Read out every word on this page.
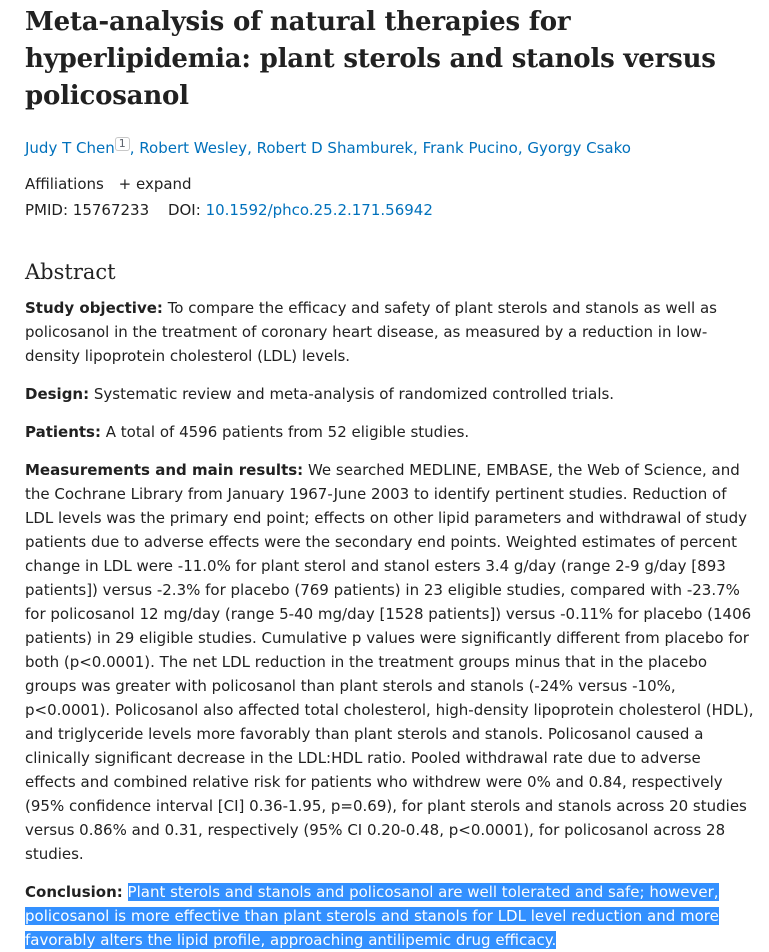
Meta-analysis of natural therapies for hyperlipidemia: plant sterols and stanols versus policosanol
Judy T Chen $^1$ , Robert Wesley, Robert D Shamburek, Frank Pucino, Gyorgy Csako
Affiliations + expand
PMID: 15767233 DOI: 10.1592/phco.25.2.171.56942
Abstract

Study objective: To compare the efficacy and safety of plant sterols and stanols as well as policosanol in the treatment of coronary heart disease, as measured by a reduction in low-density lipoprotein cholesterol (LDL) levels.

Design: Systematic review and meta-analysis of randomized controlled trials.

Patients: A total of 4596 patients from 52 eligible studies.

Measurements and main results: We searched MEDLINE, EMBASE, the Web of Science, and the Cochrane Library from January 1967-June 2003 to identify pertinent studies. Reduction of LDL levels was the primary end point; effects on other lipid parameters and withdrawal of study patients due to adverse effects were the secondary end points. Weighted estimates of percent change in LDL were -11.0% for plant sterol and stanol esters 3.4 g/day (range 2-9 g/day [893 patients]) versus -2.3% for placebo (769 patients) in 23 eligible studies, compared with -23.7% for policosanol 12 mg/day (range 5-40 mg/day [1528 patients]) versus -0.11% for placebo (1406 patients) in 29 eligible studies. Cumulative p values were significantly different from placebo for both (p<0.0001). The net LDL reduction in the treatment groups minus that in the placebo groups was greater with policosanol than plant sterols and stanols (-24% versus -10%, p<0.0001). Policosanol also affected total cholesterol, high-density lipoprotein cholesterol (HDL), and triglyceride levels more favorably than plant sterols and stanols. Policosanol caused a clinically significant decrease in the LDL:HDL ratio. Pooled withdrawal rate due to adverse effects and combined relative risk for patients who withdrew were 0% and 0.84, respectively (95% confidence interval [CI] 0.36-1.95, p=0.69), for plant sterols and stanols across 20 studies versus 0.86% and 0.31, respectively (95% CI 0.20-0.48, p<0.0001), for policosanol across 28 studies.

Conclusion: Plant sterols and stanols and policosanol are well tolerated and safe; however, policosanol is more effective than plant sterols and stanols for LDL level reduction and more favorably alters the lipid profile, approaching antilipemic drug efficacy.
